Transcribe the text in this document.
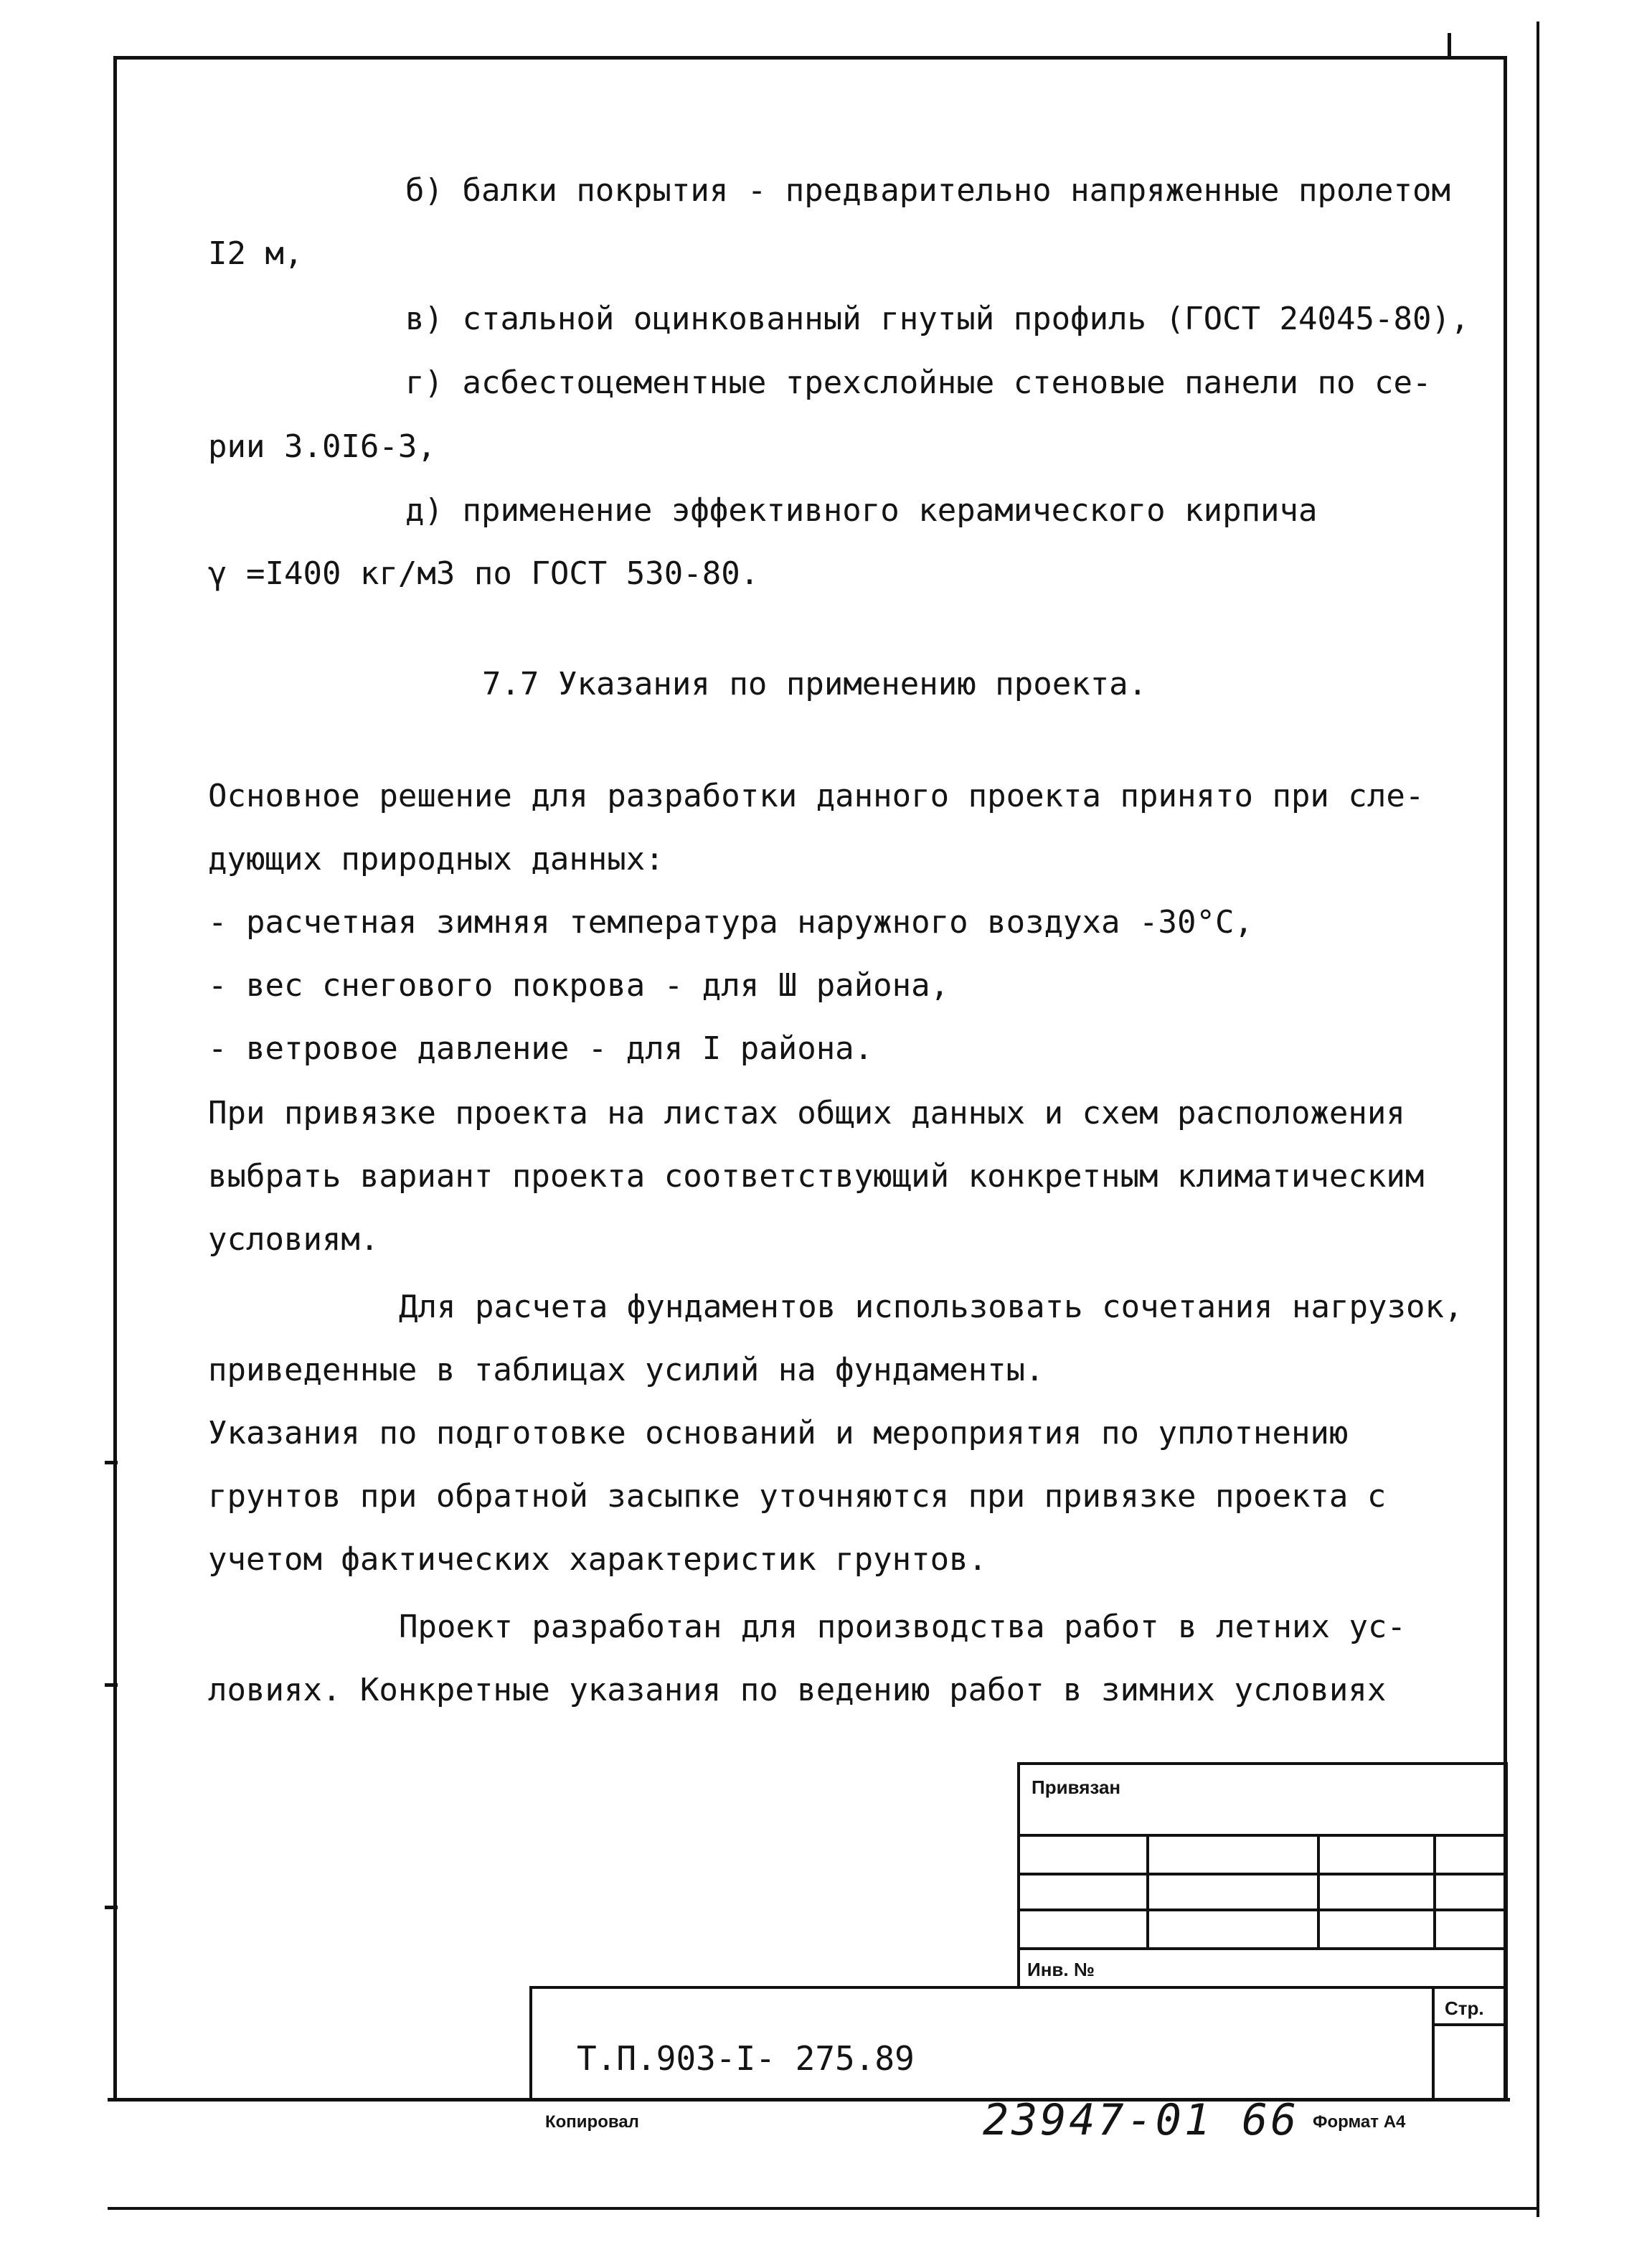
б) балки покрытия - предварительно напряженные пролетом
I2 м,
в) стальной оцинкованный гнутый профиль (ГОСТ 24045-80),
г) асбестоцементные трехслойные стеновые панели по се-
рии 3.0I6-3,
д) применение эффективного керамического кирпича
γ =I400 кг/м3 по ГОСТ 530-80.
7.7 Указания по применению проекта.
Основное решение для разработки данного проекта принято при сле-
дующих природных данных:
- расчетная зимняя температура наружного воздуха -30°С,
- вес снегового покрова - для Ш района,
- ветровое давление - для I района.
При привязке проекта на листах общих данных и схем расположения
выбрать вариант проекта соответствующий конкретным климатическим
условиям.
Для расчета фундаментов использовать сочетания нагрузок,
приведенные в таблицах усилий на фундаменты.
Указания по подготовке оснований и мероприятия по уплотнению
грунтов при обратной засыпке уточняются при привязке проекта с
учетом фактических характеристик грунтов.
Проект разработан для производства работ в летних ус-
ловиях. Конкретные указания по ведению работ в зимних условиях
Привязан
Инв. №
Стр.
Т.П.903-I- 275.89
Копировал	23947-01 66 Формат А4
